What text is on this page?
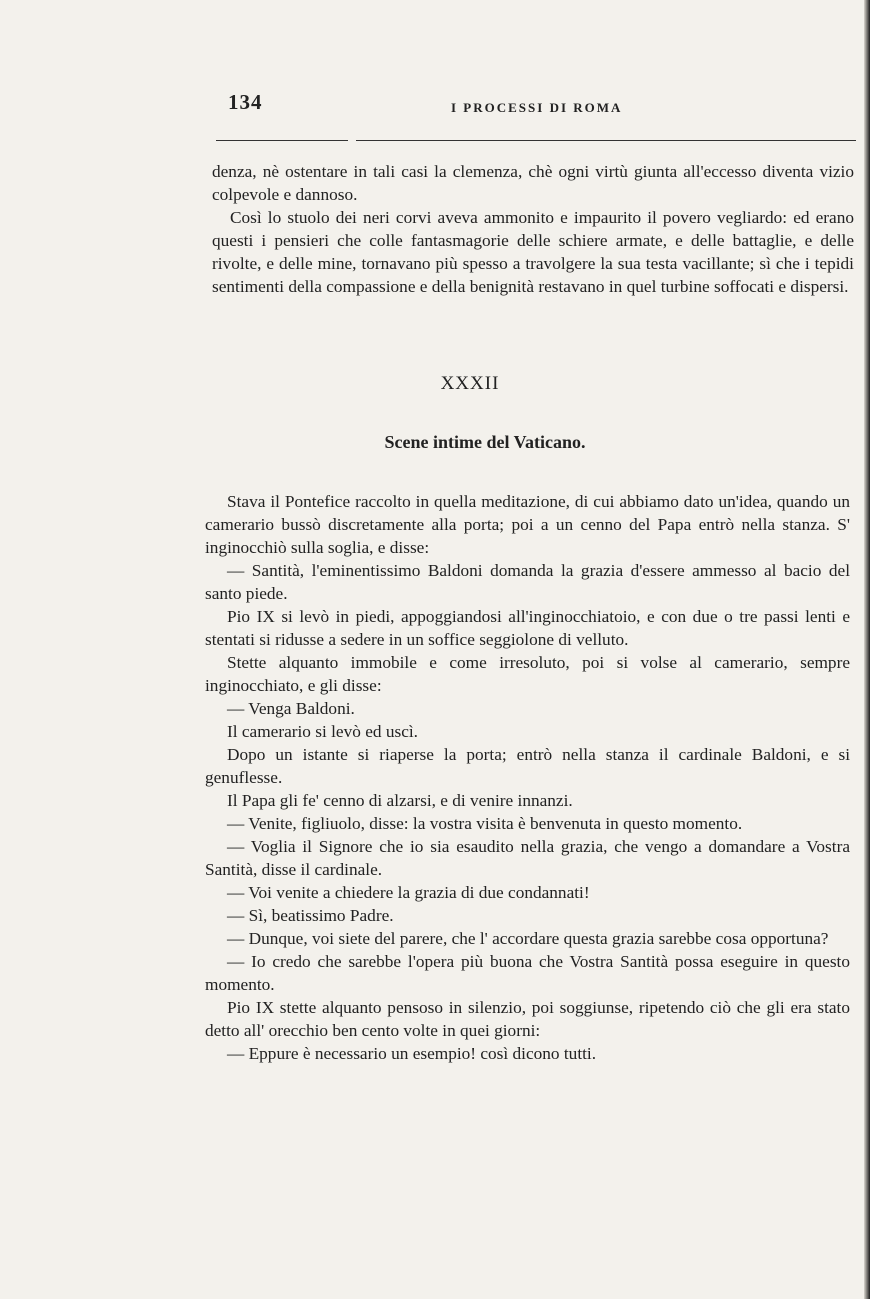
134	I PROCESSI DI ROMA

denza, nè ostentare in tali casi la clemenza, chè ogni virtù giunta all'eccesso diventa vizio colpevole e dannoso.

Così lo stuolo dei neri corvi aveva ammonito e impaurito il povero vegliardo: ed erano questi i pensieri che colle fantasmagorie delle schiere armate, e delle battaglie, e delle rivolte, e delle mine, tornavano più spesso a travolgere la sua testa vacillante; sì che i tepidi sentimenti della compassione e della benignità restavano in quel turbine soffocati e dispersi.

XXXII
Scene intime del Vaticano.

Stava il Pontefice raccolto in quella meditazione, di cui abbiamo dato un'idea, quando un camerario bussò discretamente alla porta; poi a un cenno del Papa entrò nella stanza. S' inginocchiò sulla soglia, e disse:

— Santità, l'eminentissimo Baldoni domanda la grazia d'essere ammesso al bacio del santo piede.

Pio IX si levò in piedi, appoggiandosi all'inginocchiatoio, e con due o tre passi lenti e stentati si ridusse a sedere in un soffice seggiolone di velluto.

Stette alquanto immobile e come irresoluto, poi si volse al camerario, sempre inginocchiato, e gli disse:

— Venga Baldoni.

Il camerario si levò ed uscì.

Dopo un istante si riaperse la porta; entrò nella stanza il cardinale Baldoni, e si genuflesse.

Il Papa gli fe' cenno di alzarsi, e di venire innanzi.

— Venite, figliuolo, disse: la vostra visita è benvenuta in questo momento.

— Voglia il Signore che io sia esaudito nella grazia, che vengo a domandare a Vostra Santità, disse il cardinale.

— Voi venite a chiedere la grazia di due condannati!

— Sì, beatissimo Padre.

— Dunque, voi siete del parere, che l' accordare questa grazia sarebbe cosa opportuna?

— Io credo che sarebbe l'opera più buona che Vostra Santità possa eseguire in questo momento.

Pio IX stette alquanto pensoso in silenzio, poi soggiunse, ripetendo ciò che gli era stato detto all' orecchio ben cento volte in quei giorni:

— Eppure è necessario un esempio! così dicono tutti.
